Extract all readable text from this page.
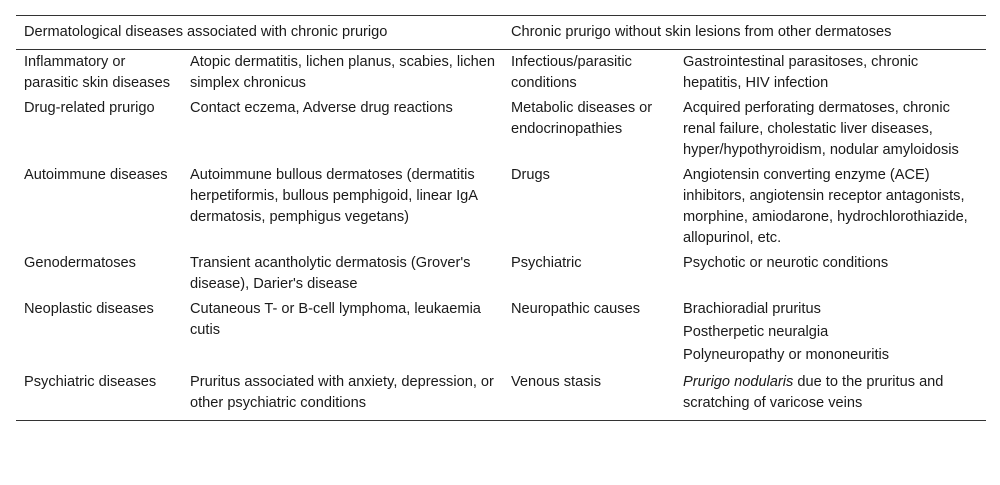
Dermatological diseases associated with chronic prurigo		Chronic prurigo without skin lesions from other dermatoses	
Inflammatory or parasitic skin diseases	Atopic dermatitis, lichen planus, scabies, lichen simplex chronicus	Infectious/parasitic conditions	Gastrointestinal parasitoses, chronic hepatitis, HIV infection
Drug-related prurigo	Contact eczema, Adverse drug reactions	Metabolic diseases or endocrinopathies	Acquired perforating dermatoses, chronic renal failure, cholestatic liver diseases, hyper/hypothyroidism, nodular amyloidosis
Autoimmune diseases	Autoimmune bullous dermatoses (dermatitis herpetiformis, bullous pemphigoid, linear IgA dermatosis, pemphigus vegetans)	Drugs	Angiotensin converting enzyme (ACE) inhibitors, angiotensin receptor antagonists, morphine, amiodarone, hydrochlorothiazide, allopurinol, etc.
Genodermatoses	Transient acantholytic dermatosis (Grover's disease), Darier's disease	Psychiatric	Psychotic or neurotic conditions
Neoplastic diseases	Cutaneous T- or B-cell lymphoma, leukaemia cutis	Neuropathic causes	Brachioradial pruritus
Postherpetic neuralgia
Polyneuropathy or mononeuritis

Psychiatric diseases	Pruritus associated with anxiety, depression, or other psychiatric conditions	Venous stasis	Prurigo nodularis due to the pruritus and scratching of varicose veins
